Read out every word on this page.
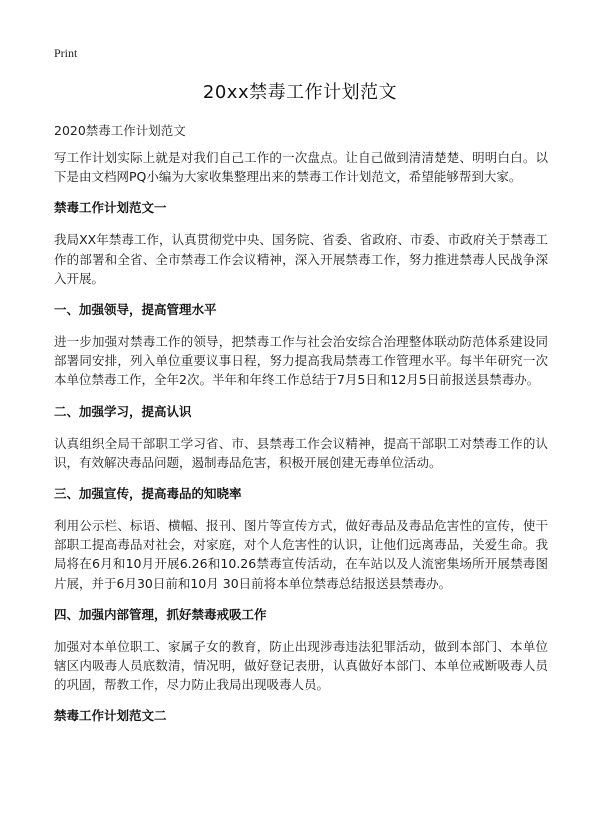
Print
20xx禁毒工作计划范文
2020禁毒工作计划范文

写工作计划实际上就是对我们自己工作的一次盘点。让自己做到清清楚楚、明明白白。以下是由文档网PQ小编为大家收集整理出来的禁毒工作计划范文，希望能够帮到大家。

禁毒工作计划范文一

我局XX年禁毒工作，认真贯彻党中央、国务院、省委、省政府、市委、市政府关于禁毒工作的部署和全省、全市禁毒工作会议精神，深入开展禁毒工作，努力推进禁毒人民战争深入开展。

一、加强领导，提高管理水平

进一步加强对禁毒工作的领导，把禁毒工作与社会治安综合治理整体联动防范体系建设同部署同安排，列入单位重要议事日程，努力提高我局禁毒工作管理水平。每半年研究一次本单位禁毒工作，全年2次。半年和年终工作总结于7月5日和12月5日前报送县禁毒办。

二、加强学习，提高认识

认真组织全局干部职工学习省、市、县禁毒工作会议精神，提高干部职工对禁毒工作的认识，有效解决毒品问题，遏制毒品危害，积极开展创建无毒单位活动。

三、加强宣传，提高毒品的知晓率

利用公示栏、标语、横幅、报刊、图片等宣传方式，做好毒品及毒品危害性的宣传，使干部职工提高毒品对社会，对家庭，对个人危害性的认识，让他们远离毒品，关爱生命。我局将在6月和10月开展6.26和10.26禁毒宣传活动，在车站以及人流密集场所开展禁毒图片展，并于6月30日前和10月 30日前将本单位禁毒总结报送县禁毒办。

四、加强内部管理，抓好禁毒戒吸工作

加强对本单位职工、家属子女的教育，防止出现涉毒违法犯罪活动，做到本部门、本单位辖区内吸毒人员底数清，情况明，做好登记表册，认真做好本部门、本单位戒断吸毒人员的巩固，帮教工作，尽力防止我局出现吸毒人员。

禁毒工作计划范文二
